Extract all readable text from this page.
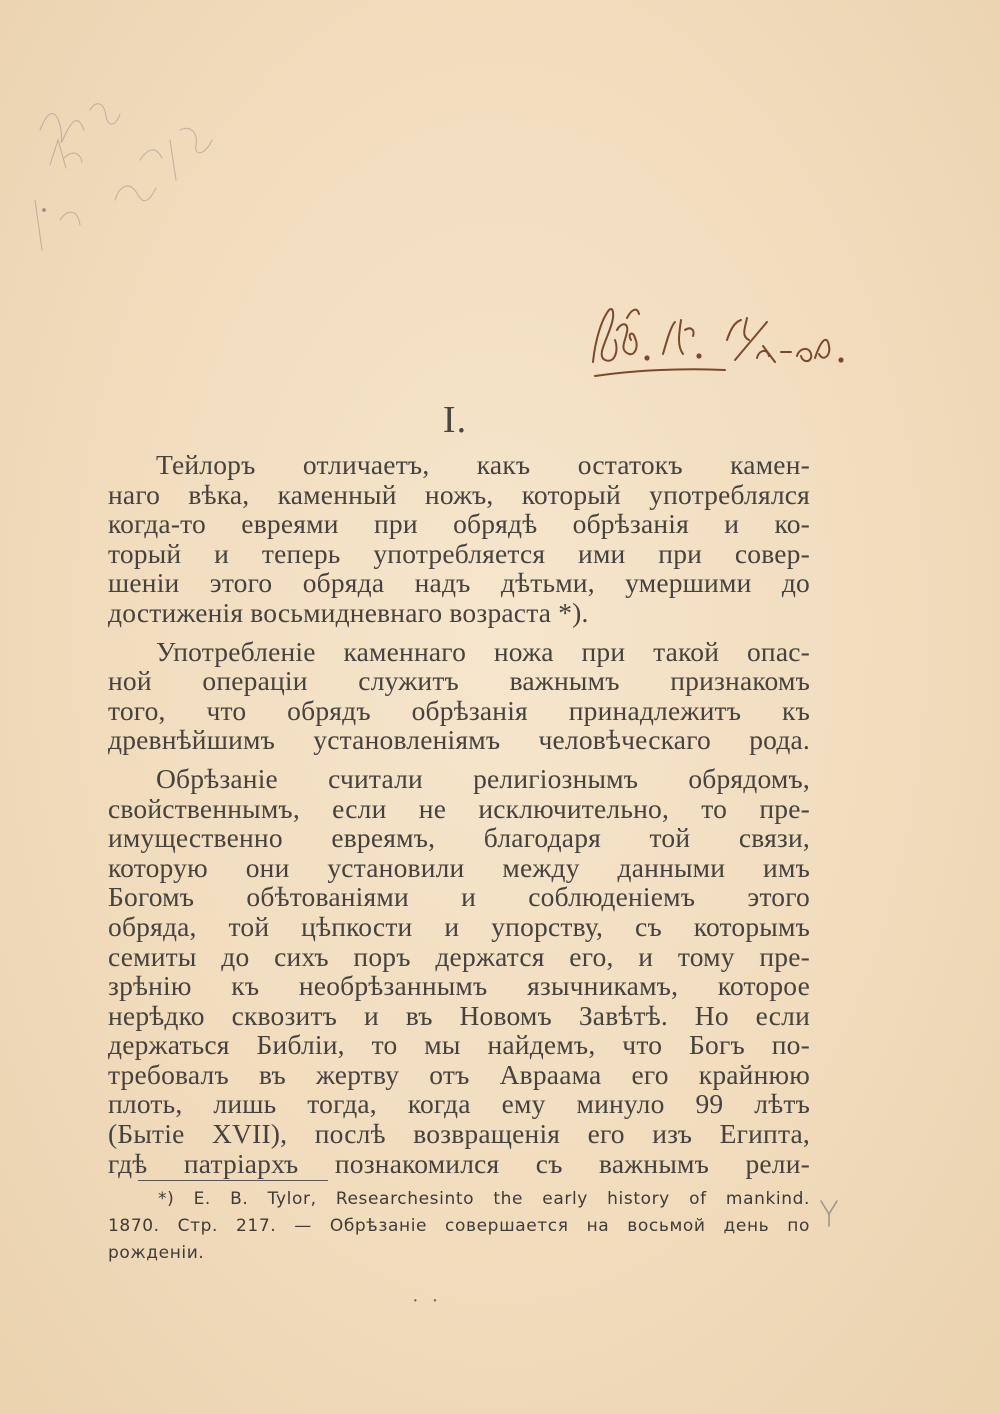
I.
Тейлоръ отличаетъ, какъ остатокъ камен-
наго вѣка, каменный ножъ, который употреблялся
когда-то евреями при обрядѣ обрѣзанія и ко-
торый и теперь употребляется ими при совер-
шеніи этого обряда надъ дѣтьми, умершими до
достиженія восьмидневнаго возраста *).
Употребленіе каменнаго ножа при такой опас-
ной операціи служитъ важнымъ признакомъ
того, что обрядъ обрѣзанія принадлежитъ къ
древнѣйшимъ установленіямъ человѣческаго рода.
Обрѣзаніе считали религіознымъ обрядомъ,
свойственнымъ, если не исключительно, то пре-
имущественно евреямъ, благодаря той связи,
которую они установили между данными имъ
Богомъ обѣтованіями и соблюденіемъ этого
обряда, той цѣпкости и упорству, съ которымъ
семиты до сихъ поръ держатся его, и тому пре-
зрѣнію къ необрѣзаннымъ язычникамъ, которое
нерѣдко сквозитъ и въ Новомъ Завѣтѣ. Но если
держаться Библіи, то мы найдемъ, что Богъ по-
требовалъ въ жертву отъ Авраама его крайнюю
плоть, лишь тогда, когда ему минуло 99 лѣтъ
(Бытіе XVII), послѣ возвращенія его изъ Египта,
гдѣ патріархъ познакомился съ важнымъ рели-
*) E. B. Tylor, Researchesinto the early history of mankind.
1870. Стр. 217. — Обрѣзаніе совершается на восьмой день по
рожденіи.
· ·
